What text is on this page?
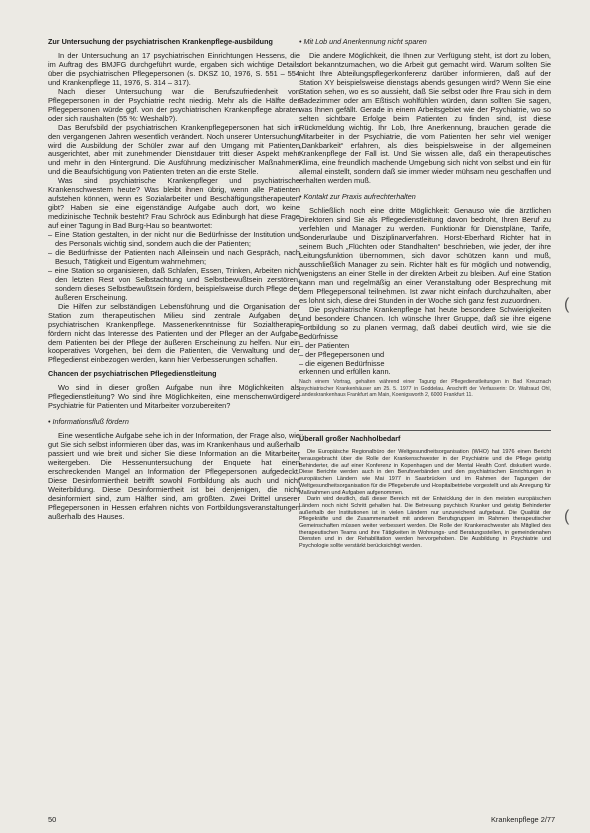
Zur Untersuchung der psychiatrischen Krankenpflege-ausbildung

In der Untersuchung an 17 psychiatrischen Einrichtungen Hessens, die im Auftrag des BMJFG durchgeführt wurde, ergaben sich wichtige Details über die psychiatrischen Pflegepersonen (s. DKSZ 10, 1976, S. 551 – 554 und Krankenpflege 11, 1976, S. 314 – 317).

Nach dieser Untersuchung war die Berufszufriedenheit von Pflegepersonen in der Psychiatrie recht niedrig. Mehr als die Hälfte der Pflegepersonen würde ggf. von der psychiatrischen Krankenpflege abraten oder sich raushalten (55 %: Weshalb?).

Das Berufsbild der psychiatrischen Krankenpflegepersonen hat sich in den vergangenen Jahren wesentlich verändert. Noch unserer Untersuchung wird die Ausbildung der Schüler zwar auf den Umgang mit Patienten ausgerichtet, aber mit zunehmender Dienstdauer tritt dieser Aspekt mehr und mehr in den Hintergrund. Die Ausführung medizinischer Maßnahmen und die Beaufsichtigung von Patienten treten an die erste Stelle.

Was sind psychiatrische Krankenpfleger und psychiatrische Krankenschwestern heute? Was bleibt ihnen übrig, wenn alle Patienten aufstehen können, wenn es Sozialarbeiter und Beschäftigungstherapeuten gibt? Haben sie eine eigenständige Aufgabe auch dort, wo keine medizinische Technik besteht? Frau Schröck aus Edinburgh hat diese Frage auf einer Tagung in Bad Burg-Hau so beantwortet:

– Eine Station gestalten, in der nicht nur die Bedürfnisse der Institution und des Personals wichtig sind, sondern auch die der Patienten;
– die Bedürfnisse der Patienten nach Alleinsein und nach Gespräch, nach Besuch, Tätigkeit und Eigentum wahrnehmen;
– eine Station so organisieren, daß Schlafen, Essen, Trinken, Arbeiten nicht den letzten Rest von Selbstachtung und Selbstbewußtsein zerstören, sondern dieses Selbstbewußtsein fördern, beispielsweise durch Pflege der äußeren Erscheinung.

Die Hilfen zur selbständigen Lebensführung und die Organisation der Station zum therapeutischen Milieu sind zentrale Aufgaben der psychiatrischen Krankenpflege. Massenerkenntnisse für Sozialtherapie fördern nicht das Interesse des Patienten und der Pfleger an der Aufgabe, dem Patienten bei der Pflege der äußeren Erscheinung zu helfen. Nur ein kooperatives Vorgehen, bei dem die Patienten, die Verwaltung und der Pflegedienst einbezogen werden, kann hier Verbesserungen schaffen.

Chancen der psychiatrischen Pflegedienstleitung

Wo sind in dieser großen Aufgabe nun ihre Möglichkeiten als Pflegedienstleitung? Wo sind ihre Möglichkeiten, eine menschenwürdigere Psychiatrie für Patienten und Mitarbeiter vorzubereiten?

• Informationsfluß fördern

Eine wesentliche Aufgabe sehe ich in der Information, der Frage also, wie gut Sie sich selbst informieren über das, was im Krankenhaus und außerhalb passiert und wie breit und sicher Sie diese Information an die Mitarbeiter weitergeben. Die Hessenuntersuchung der Enquete hat einen erschreckenden Mangel an Information der Pflegepersonen aufgedeckt. Diese Desinformiertheit betrifft sowohl Fortbildung als auch und nicht Weiterbildung. Diese Desinformiertheit ist bei denjenigen, die nicht desinformiert sind, zum Hälfter sind, am größten. Zwei Drittel unserer Pflegepersonen in Hessen erfahren nichts von Fortbildungsveranstaltungen außerhalb des Hauses.

• Mit Lob und Anerkennung nicht sparen

Die andere Möglichkeit, die Ihnen zur Verfügung steht, ist dort zu loben, dort bekanntzumachen, wo die Arbeit gut gemacht wird. Warum sollten Sie nicht Ihre Abteilungspflegerkonferenz darüber informieren, daß auf der Station XY beispielsweise dienstags abends gesungen wird? Wenn Sie eine Station sehen, wo es so aussieht, daß Sie selbst oder Ihre Frau sich in dem Badezimmer oder am Eßtisch wohlfühlen würden, dann sollten Sie sagen, was Ihnen gefällt. Gerade in einem Arbeitsgebiet wie der Psychiatrie, wo so selten sichtbare Erfolge beim Patienten zu finden sind, ist diese Rückmeldung wichtig. Ihr Lob, Ihre Anerkennung, brauchen gerade die Mitarbeiter in der Psychiatrie, die vom Patienten her sehr viel weniger „Dankbarkeit“ erfahren, als dies beispielsweise in der allgemeinen Krankenpflege der Fall ist. Und Sie wissen alle, daß ein therapeutisches Klima, eine freundlich machende Umgebung sich nicht von selbst und ein für allemal einstellt, sondern daß sie immer wieder mühsam neu geschaffen und erhalten werden muß.

• Kontakt zur Praxis aufrechterhalten

Schließlich noch eine dritte Möglichkeit: Genauso wie die ärztlichen Direktoren sind Sie als Pflegedienstleitung davon bedroht, Ihren Beruf zu verfehlen und Manager zu werden. Funktionär für Dienstpläne, Tarife, Sonderurlaube und Disziplinarverfahren. Horst-Eberhard Richter hat in seinem Buch „Flüchten oder Standhalten“ beschrieben, wie jeder, der ihre Leitungsfunktion übernommen, sich davor schützen kann und muß, ausschließlich Manager zu sein. Richter hält es für möglich und notwendig, wenigstens an einer Stelle in der direkten Arbeit zu bleiben. Auf eine Station kann man und regelmäßig an einer Veranstaltung oder Besprechung mit dem Pflegepersonal teilnehmen. Ist zwar nicht einfach durchzuhalten, aber es lohnt sich, diese drei Stunden in der Woche sich ganz fest zuzuordnen.

Die psychiatrische Krankenpflege hat heute besondere Schwierigkeiten und besondere Chancen. Ich wünsche Ihrer Gruppe, daß sie ihre eigene Fortbildung so zu planen vermag, daß dabei deutlich wird, wie sie die Bedürfnisse

– der Patienten
– der Pflegepersonen und
– die eigenen Bedürfnisse

erkennen und erfüllen kann.

Nach einem Vortrag, gehalten während einer Tagung der Pflegedienstleitungen in Bad Kreuznach psychiatrischer Krankenhäuser am 25. 5. 1977 in Goddelau. Anschrift der Verfasserin: Dr. Waltraud Ohl, Landeskrankenhaus Frankfurt am Main, Koenigsworth 2, 6000 Frankfurt 11.

Überall großer Nachholbedarf

Die Europäische Regionalbüro der Weltgesundheitsorganisation (WHO) hat 1976 einen Bericht herausgebracht über die Rolle der Krankenschwester in der Psychiatrie und die Pflege geistig Behinderter, die auf einer Konferenz in Kopenhagen und der Mental Health Conf. diskutiert wurde. Diese Berichte werden auch in den Berufsverbänden und den psychiatrischen Einrichtungen in europäischen Ländern wie Mai 1977 in Saarbrücken und im Rahmen der Tagungen der Weltgesundheitsorganisation für die Pflegeberufe und Hospitalbetriebe vorgestellt und als Anregung für Maßnahmen und Aufgaben aufgenommen.

Darin wird deutlich, daß dieser Bereich mit der Entwicklung der in den meisten europäischen Ländern noch nicht Schritt gehalten hat. Die Betreuung psychisch Kranker und geistig Behinderter außerhalb der Institutionen ist in vielen Ländern nur unzureichend aufgebaut. Die Qualität der Pflegekräfte und die Zusammenarbeit mit anderen Berufsgruppen im Rahmen therapeutischer Gemeinschaften müssen weiter verbessert werden. Die Rolle der Krankenschwester als Mitglied des therapeutischen Teams und ihre Tätigkeiten in Wohnungs- und Beratungsstellen, in gemeindenahen Diensten und in der Rehabilitation werden hervorgehoben. Die Ausbildung in Psychiatrie und Psychologie sollte verstärkt berücksichtigt werden.

(
(
50	Krankenpflege 2/77
